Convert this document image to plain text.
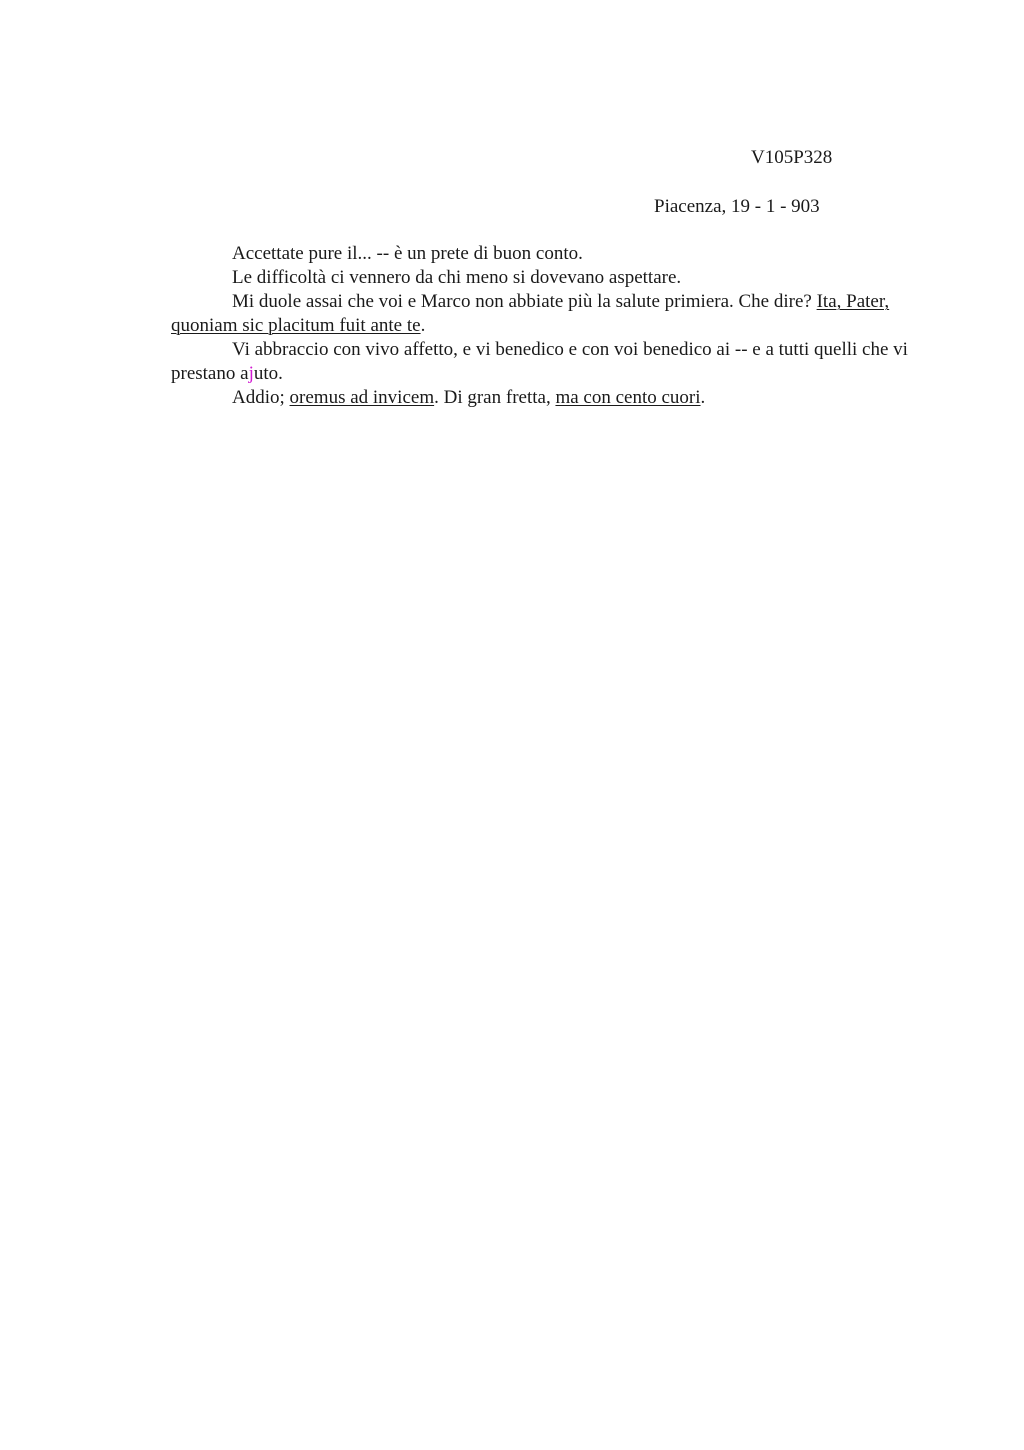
V105P328
Piacenza, 19 - 1 - 903

Accettate pure il... -- è un prete di buon conto.

Le difficoltà ci vennero da chi meno si dovevano aspettare.

Mi duole assai che voi e Marco non abbiate più la salute primiera. Che dire? Ita, Pater, quoniam sic placitum fuit ante te.

Vi abbraccio con vivo affetto, e vi benedico e con voi benedico ai -- e a tutti quelli che vi prestano ajuto.

Addio; oremus ad invicem. Di gran fretta, ma con cento cuori.
